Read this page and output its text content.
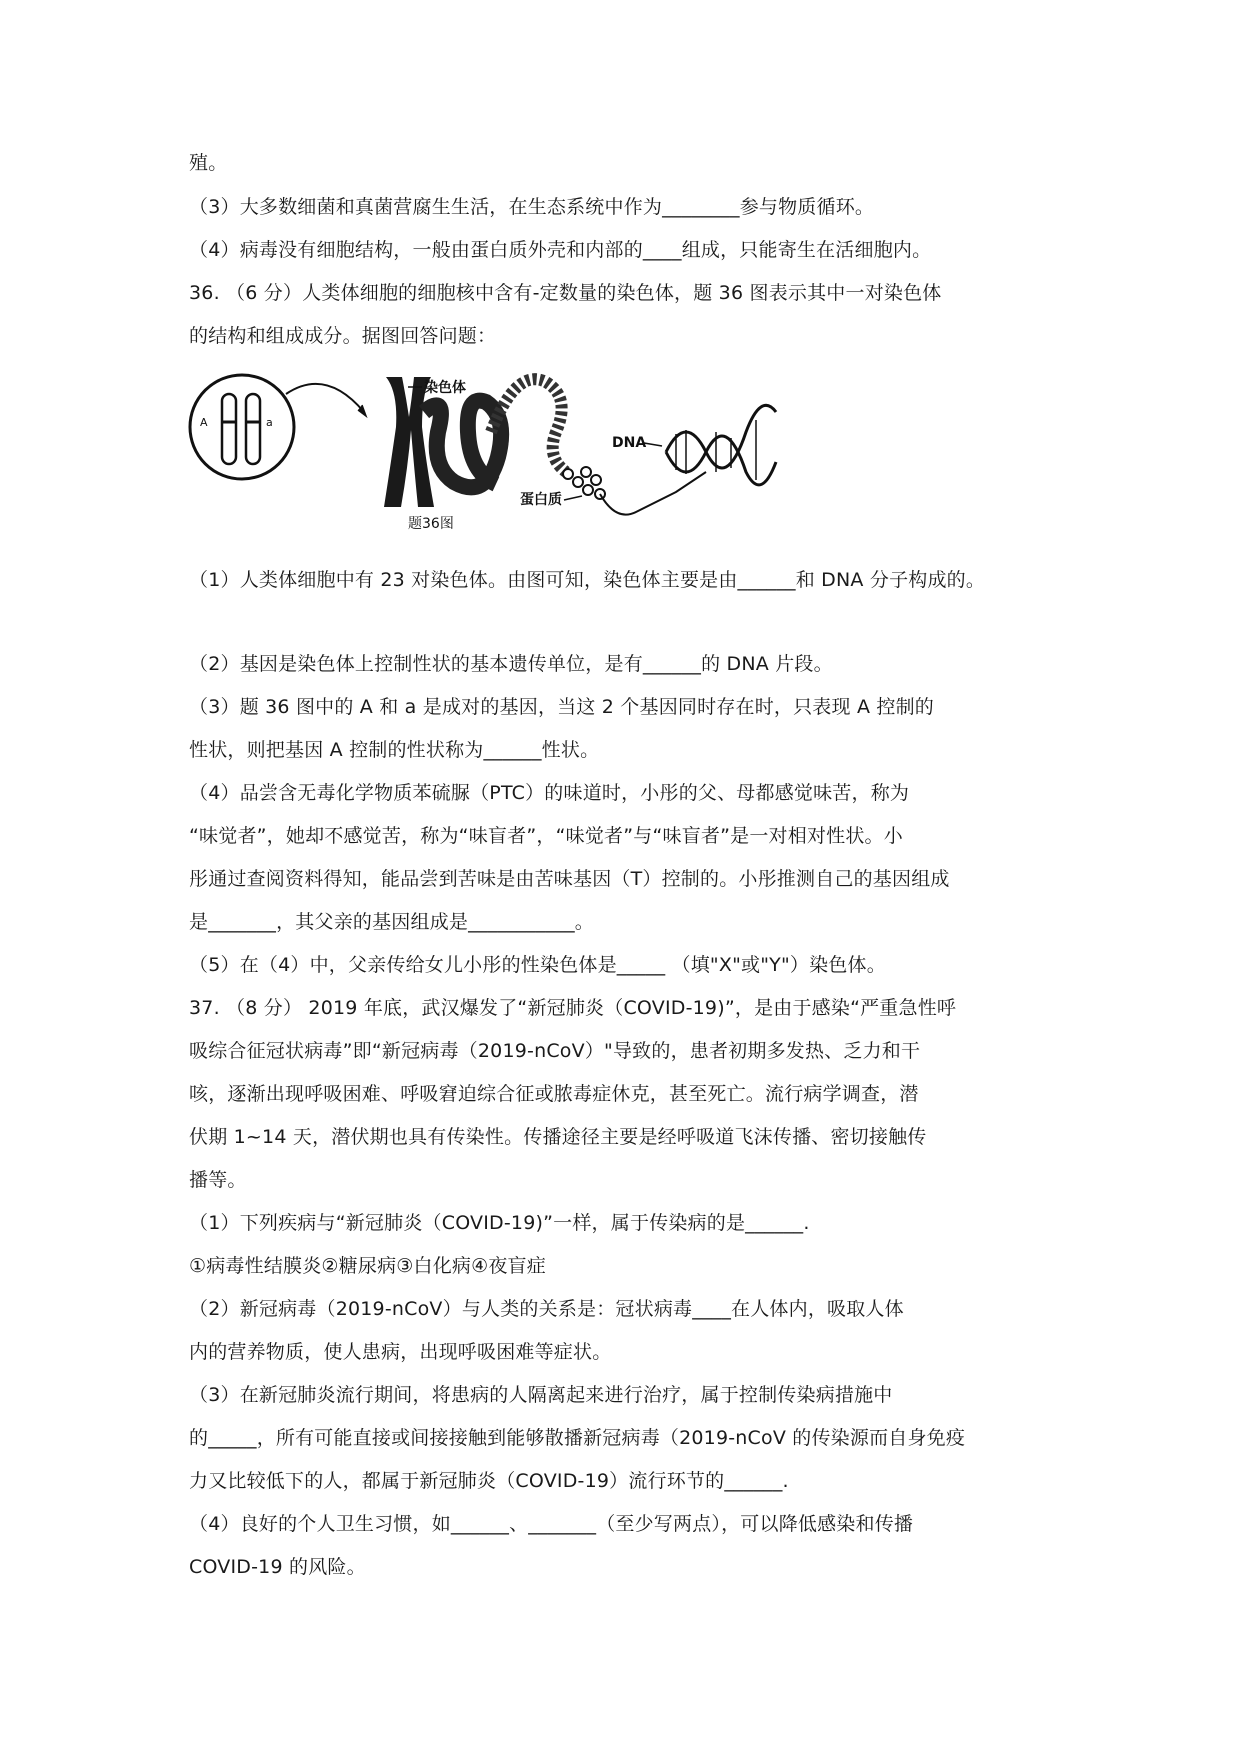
殖。
（3）大多数细菌和真菌营腐生生活，在生态系统中作为________参与物质循环。
（4）病毒没有细胞结构，一般由蛋白质外壳和内部的____组成，只能寄生在活细胞内。
36. （6 分）人类体细胞的细胞核中含有-定数量的染色体，题 36 图表示其中一对染色体
的结构和组成成分。据图回答问题：
A	a
染色体
DNA
蛋白质
题36图
（1）人类体细胞中有 23 对染色体。由图可知，染色体主要是由______和 DNA 分子构成的。
（2）基因是染色体上控制性状的基本遗传单位，是有______的 DNA 片段。
（3）题 36 图中的 A 和 a 是成对的基因，当这 2 个基因同时存在时，只表现 A 控制的
性状，则把基因 A 控制的性状称为______性状。
（4）品尝含无毒化学物质苯硫脲（PTC）的味道时，小彤的父、母都感觉味苦，称为
“味觉者”，她却不感觉苦，称为“味盲者”，“味觉者”与“味盲者”是一对相对性状。小
彤通过查阅资料得知，能品尝到苦味是由苦味基因（T）控制的。小彤推测自己的基因组成
是_______，其父亲的基因组成是___________。
（5）在（4）中，父亲传给女儿小彤的性染色体是_____ （填"X"或"Y"）染色体。
37. （8 分） 2019 年底，武汉爆发了“新冠肺炎（COVID-19)”，是由于感染“严重急性呼
吸综合征冠状病毒”即“新冠病毒（2019-nCoV）"导致的，患者初期多发热、乏力和干
咳，逐渐出现呼吸困难、呼吸窘迫综合征或脓毒症休克，甚至死亡。流行病学调查，潜
伏期 1~14 天，潜伏期也具有传染性。传播途径主要是经呼吸道飞沫传播、密切接触传
播等。
（1）下列疾病与“新冠肺炎（COVID-19)”一样，属于传染病的是______.
①病毒性结膜炎②糖尿病③白化病④夜盲症
（2）新冠病毒（2019-nCoV）与人类的关系是：冠状病毒____在人体内，吸取人体
内的营养物质，使人患病，出现呼吸困难等症状。
（3）在新冠肺炎流行期间，将患病的人隔离起来进行治疗，属于控制传染病措施中
的_____，所有可能直接或间接接触到能够散播新冠病毒（2019-nCoV 的传染源而自身免疫
力又比较低下的人，都属于新冠肺炎（COVID-19）流行环节的______.
（4）良好的个人卫生习惯，如______、_______（至少写两点），可以降低感染和传播
COVID-19 的风险。
